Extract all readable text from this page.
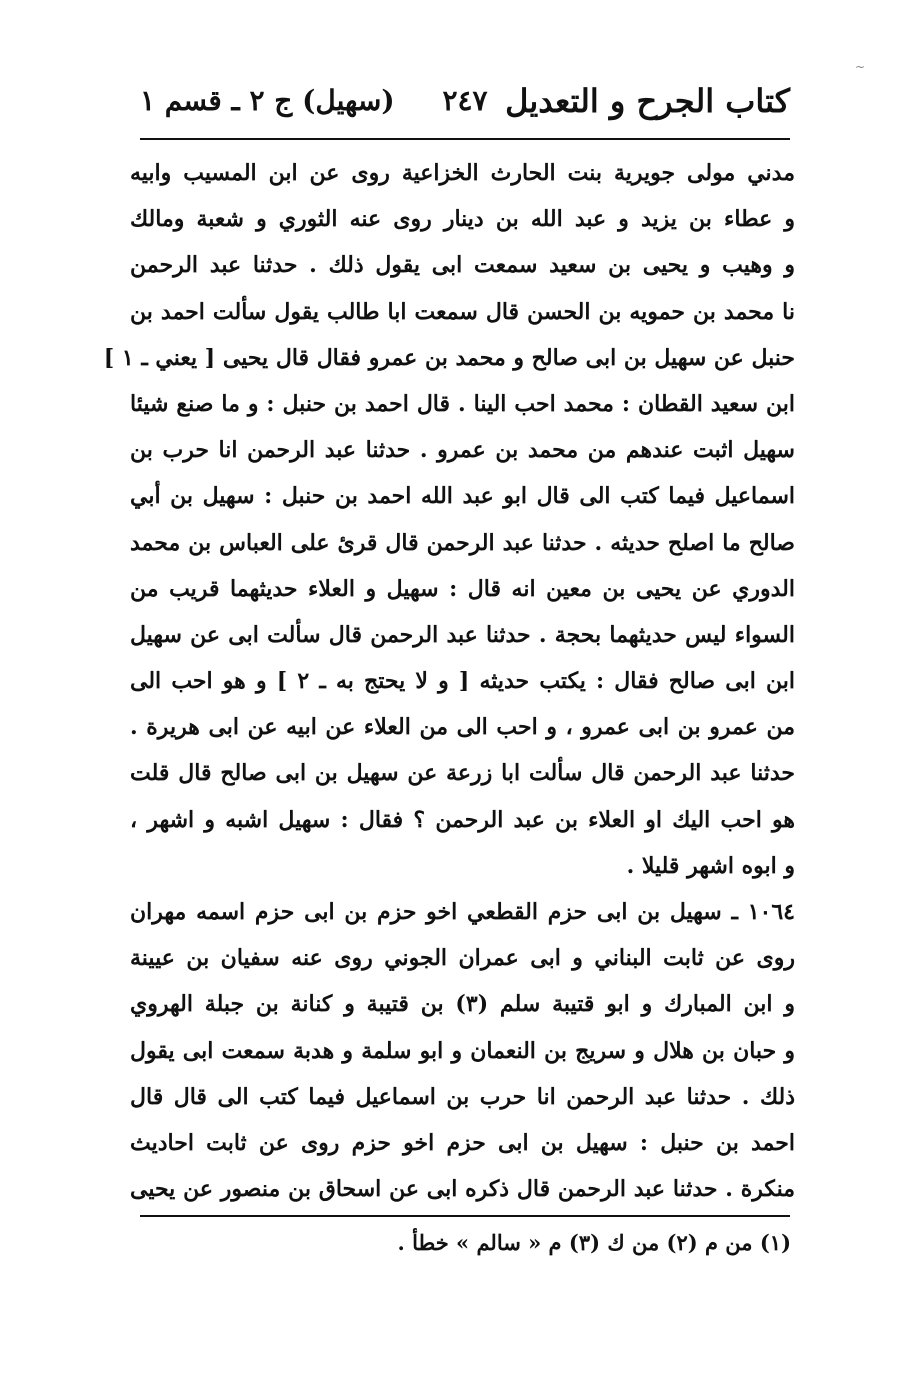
~
كتاب الجرح و التعديل
٢٤٧
(سهيل) ج ٢ ـ قسم ١
مدني مولى جويرية بنت الحارث الخزاعية روى عن ابن المسيب وابيه
و عطاء بن يزيد و عبد الله بن دينار روى عنه الثوري و شعبة ومالك
و وهيب و يحيى بن سعيد سمعت ابى يقول ذلك . حدثنا عبد الرحمن
نا محمد بن حمويه بن الحسن قال سمعت ابا طالب يقول سألت احمد بن
حنبل عن سهيل بن ابى صالح و محمد بن عمرو فقال قال يحيى [ يعني ـ ١ ]
ابن سعيد القطان : محمد احب الينا . قال احمد بن حنبل : و ما صنع شيئا
سهيل اثبت عندهم من محمد بن عمرو . حدثنا عبد الرحمن انا حرب بن
اسماعيل فيما كتب الى قال ابو عبد الله احمد بن حنبل : سهيل بن أبي
صالح ما اصلح حديثه . حدثنا عبد الرحمن قال قرئ على العباس بن محمد
الدوري عن يحيى بن معين انه قال : سهيل و العلاء حديثهما قريب من
السواء ليس حديثهما بحجة . حدثنا عبد الرحمن قال سألت ابى عن سهيل
ابن ابى صالح فقال : يكتب حديثه [ و لا يحتج به ـ ٢ ] و هو احب الى
من عمرو بن ابى عمرو ، و احب الى من العلاء عن ابيه عن ابى هريرة .
حدثنا عبد الرحمن قال سألت ابا زرعة عن سهيل بن ابى صالح قال قلت
هو احب اليك او العلاء بن عبد الرحمن ؟ فقال : سهيل اشبه و اشهر ،
و ابوه اشهر قليلا .
١٠٦٤ ـ سهيل بن ابى حزم القطعي اخو حزم بن ابى حزم اسمه مهران
روى عن ثابت البناني و ابى عمران الجوني روى عنه سفيان بن عيينة
و ابن المبارك و ابو قتيبة سلم (٣) بن قتيبة و كنانة بن جبلة الهروي
و حبان بن هلال و سريج بن النعمان و ابو سلمة و هدبة سمعت ابى يقول
ذلك . حدثنا عبد الرحمن انا حرب بن اسماعيل فيما كتب الى قال قال
احمد بن حنبل : سهيل بن ابى حزم اخو حزم روى عن ثابت احاديث
منكرة . حدثنا عبد الرحمن قال ذكره ابى عن اسحاق بن منصور عن يحيى
(١) من م (٢) من ك (٣) م « سالم » خطأ .
